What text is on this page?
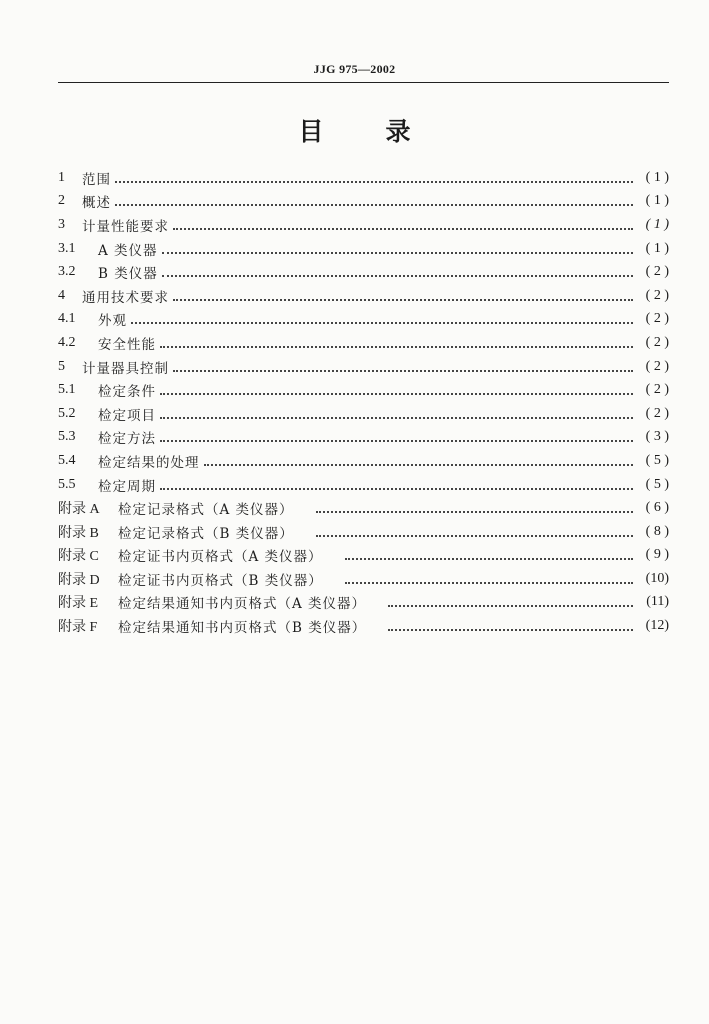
JJG 975—2002
目 录
1	范围	( 1 )
2	概述	( 1 )
3	计量性能要求	( 1 )
3.1	A 类仪器	( 1 )
3.2	B 类仪器	( 2 )
4	通用技术要求	( 2 )
4.1	外观	( 2 )
4.2	安全性能	( 2 )
5	计量器具控制	( 2 )
5.1	检定条件	( 2 )
5.2	检定项目	( 2 )
5.3	检定方法	( 3 )
5.4	检定结果的处理	( 5 )
5.5	检定周期	( 5 )
附录 A	检定记录格式（A 类仪器）	( 6 )
附录 B	检定记录格式（B 类仪器）	( 8 )
附录 C	检定证书内页格式（A 类仪器）	( 9 )
附录 D	检定证书内页格式（B 类仪器）	(10)
附录 E	检定结果通知书内页格式（A 类仪器）	(11)
附录 F	检定结果通知书内页格式（B 类仪器）	(12)
